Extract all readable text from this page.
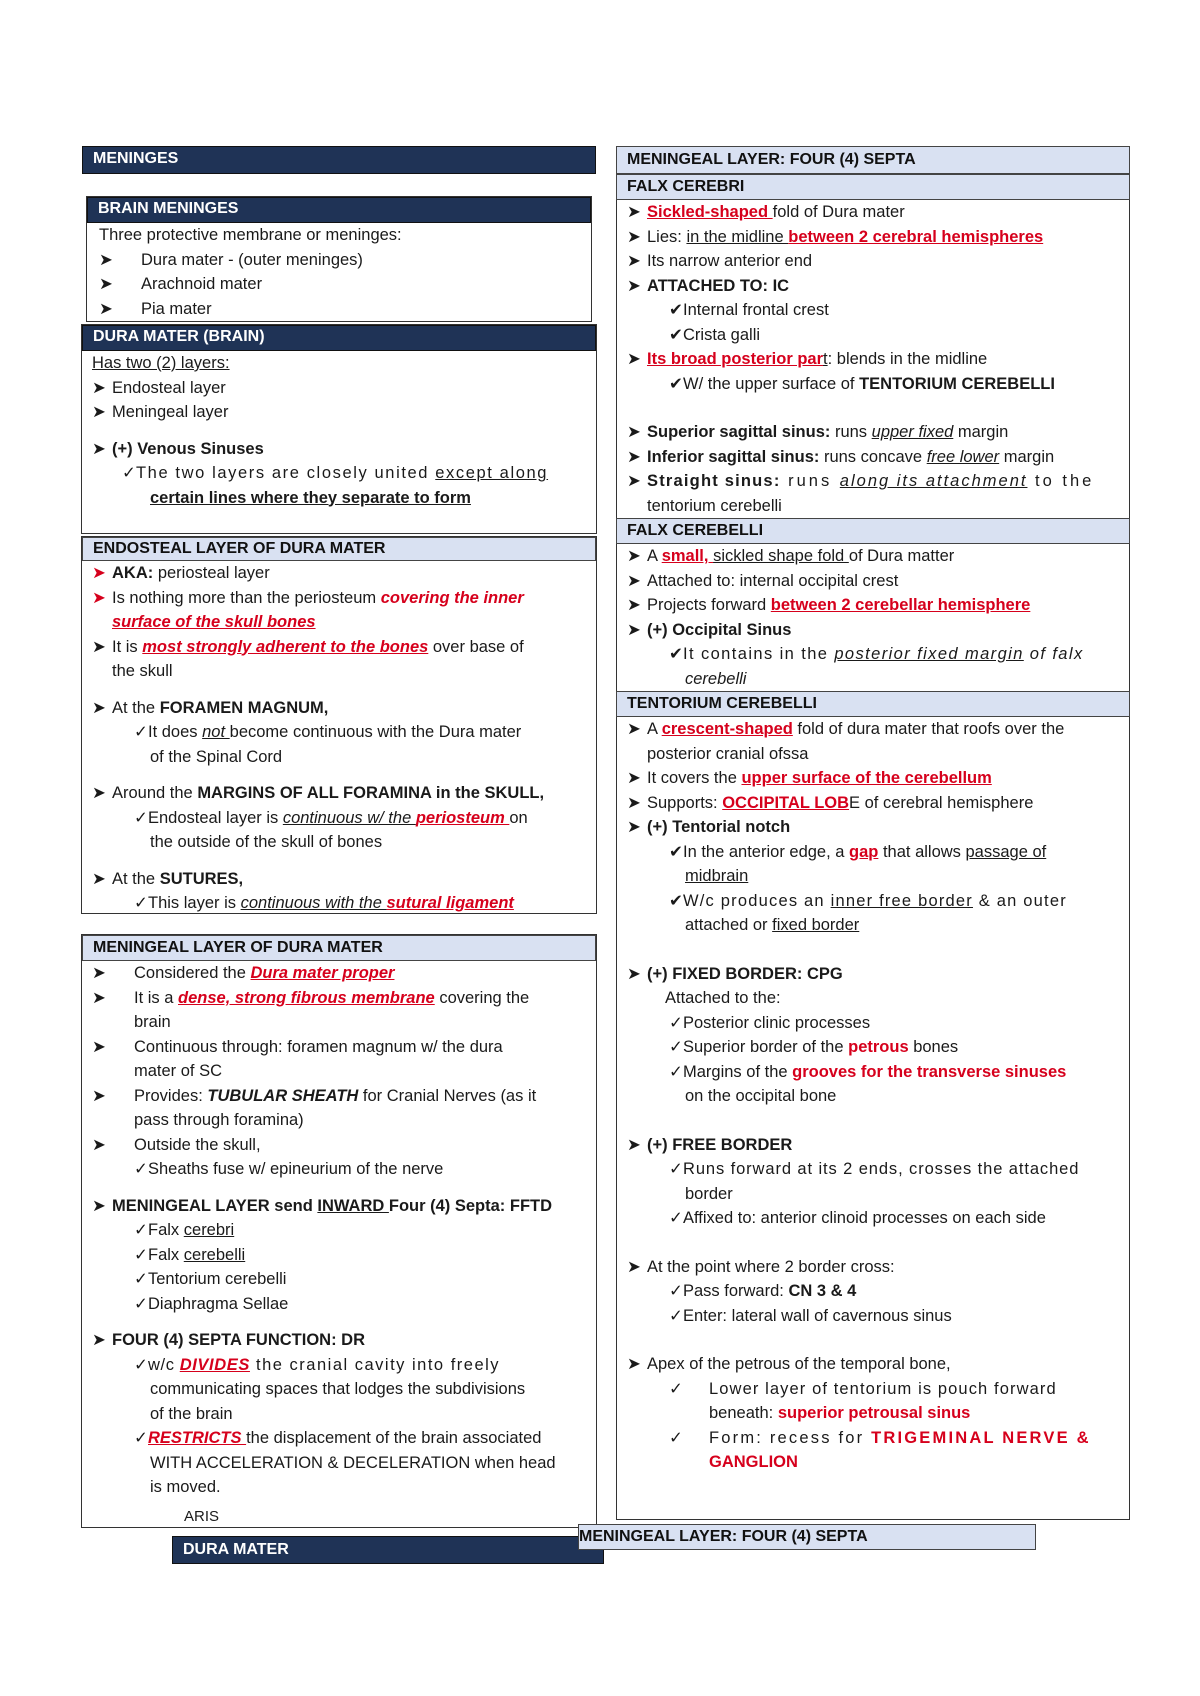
MENINGES
BRAIN MENINGES
Three protective membrane or meninges:
➤ Dura mater - (outer meninges)
➤ Arachnoid mater
➤ Pia mater
DURA MATER (BRAIN)
Has two (2) layers:
➤ Endosteal layer
➤ Meningeal layer
➤ (+) Venous Sinuses
✓The two layers are closely united except along
certain lines where they separate to form
ENDOSTEAL LAYER OF DURA MATER
➤ AKA: periosteal layer
➤ Is nothing more than the periosteum covering the inner
surface of the skull bones
➤ It is most strongly adherent to the bones over base of
the skull
➤ At the FORAMEN MAGNUM,
✓It does not become continuous with the Dura mater
of the Spinal Cord
➤ Around the MARGINS OF ALL FORAMINA in the SKULL,
✓Endosteal layer is continuous w/ the periosteum on
the outside of the skull of bones
➤ At the SUTURES,
✓This layer is continuous with the sutural ligament
MENINGEAL LAYER OF DURA MATER
➤ Considered the Dura mater proper
➤ It is a dense, strong fibrous membrane covering the
brain
➤ Continuous through: foramen magnum w/ the dura
mater of SC
➤ Provides: TUBULAR SHEATH for Cranial Nerves (as it
pass through foramina)
➤ Outside the skull,
✓Sheaths fuse w/ epineurium of the nerve
➤ MENINGEAL LAYER send INWARD Four (4) Septa: FFTD
✓Falx cerebri
✓Falx cerebelli
✓Tentorium cerebelli
✓Diaphragma Sellae
➤ FOUR (4) SEPTA FUNCTION: DR
✓w/c DIVIDES the cranial cavity into freely
communicating spaces that lodges the subdivisions
of the brain
✓RESTRICTS the displacement of the brain associated
WITH ACCELERATION & DECELERATION when head
is moved.
ARIS
DURA MATER
MENINGEAL LAYER: FOUR (4) SEPTA
FALX CEREBRI
➤ Sickled-shaped fold of Dura mater
➤ Lies: in the midline between 2 cerebral hemispheres
➤ Its narrow anterior end
➤ ATTACHED TO: IC
✔Internal frontal crest
✔Crista galli
➤ Its broad posterior part: blends in the midline
✔W/ the upper surface of TENTORIUM CEREBELLI
➤ Superior sagittal sinus: runs upper fixed margin
➤ Inferior sagittal sinus: runs concave free lower margin
➤ Straight sinus: runs along its attachment to the
tentorium cerebelli
FALX CEREBELLI
➤ A small, sickled shape fold of Dura matter
➤ Attached to: internal occipital crest
➤ Projects forward between 2 cerebellar hemisphere
➤ (+) Occipital Sinus
✔It contains in the posterior fixed margin of falx
cerebelli
TENTORIUM CEREBELLI
➤ A crescent-shaped fold of dura mater that roofs over the
posterior cranial ofssa
➤ It covers the upper surface of the cerebellum
➤ Supports: OCCIPITAL LOBE of cerebral hemisphere
➤ (+) Tentorial notch
✔In the anterior edge, a gap that allows passage of
midbrain
✔W/c produces an inner free border & an outer
attached or fixed border
➤ (+) FIXED BORDER: CPG
Attached to the:
✓Posterior clinic processes
✓Superior border of the petrous bones
✓Margins of the grooves for the transverse sinuses
on the occipital bone
➤ (+) FREE BORDER
✓Runs forward at its 2 ends, crosses the attached
border
✓Affixed to: anterior clinoid processes on each side
➤ At the point where 2 border cross:
✓Pass forward: CN 3 & 4
✓Enter: lateral wall of cavernous sinus
➤ Apex of the petrous of the temporal bone,
✓ Lower layer of tentorium is pouch forward
beneath: superior petrousal sinus
✓ Form: recess for TRIGEMINAL NERVE &
GANGLION
MENINGEAL LAYER: FOUR (4) SEPTA
